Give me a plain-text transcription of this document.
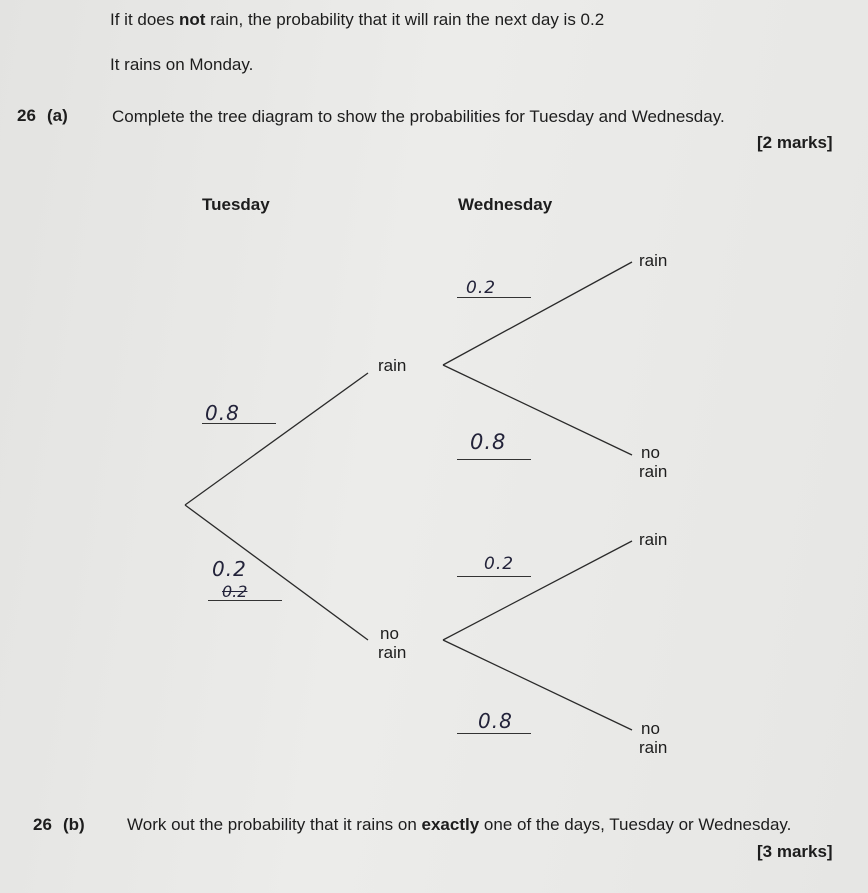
If it does not rain, the probability that it will rain the next day is 0.2
It rains on Monday.
26 (a)	Complete the tree diagram to show the probabilities for Tuesday and Wednesday.
[2 marks]
Tuesday	Wednesday
rain
no
rain
rain
no
rain
rain
no
rain
0.8
0.2
0.2
0.2
0.8
0.2
0.8
26 (b) Work out the probability that it rains on exactly one of the days, Tuesday or Wednesday.
[3 marks]
